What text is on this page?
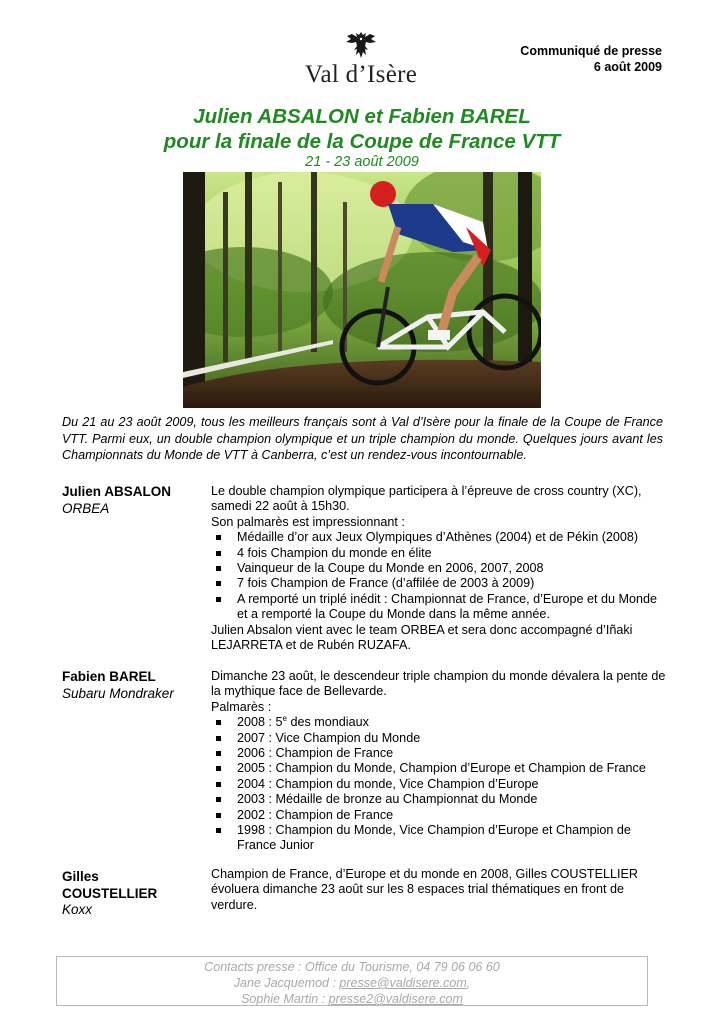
Val d’Isère
Communiqué de presse
6 août 2009
Julien ABSALON et Fabien BAREL
pour la finale de la Coupe de France VTT
21 - 23 août 2009
Du 21 au 23 août 2009, tous les meilleurs français sont à Val d’Isère pour la finale de la Coupe de France VTT. Parmi eux, un double champion olympique et un triple champion du monde. Quelques jours avant les Championnats du Monde de VTT à Canberra, c’est un rendez-vous incontournable.
Julien ABSALON
ORBEA
Le double champion olympique participera à l’épreuve de cross country (XC), samedi 22 août à 15h30.
Son palmarès est impressionnant :
Médaille d’or aux Jeux Olympiques d’Athènes (2004) et de Pékin (2008)
4 fois Champion du monde en élite
Vainqueur de la Coupe du Monde en 2006, 2007, 2008
7 fois Champion de France (d’affilée de 2003 à 2009)
A remporté un triplé inédit : Championnat de France, d’Europe et du Monde et a remporté la Coupe du Monde dans la même année.
Julien Absalon vient avec le team ORBEA et sera donc accompagné d’Iñaki LEJARRETA et de Rubén RUZAFA.
Fabien BAREL
Subaru Mondraker
Dimanche 23 août, le descendeur triple champion du monde dévalera la pente de la mythique face de Bellevarde.
Palmarès :
2008 : 5e des mondiaux
2007 : Vice Champion du Monde
2006 : Champion de France
2005 : Champion du Monde, Champion d’Europe et Champion de France
2004 : Champion du monde, Vice Champion d’Europe
2003 : Médaille de bronze au Championnat du Monde
2002 : Champion de France
1998 : Champion du Monde, Vice Champion d’Europe et Champion de France Junior
Gilles
COUSTELLIER
Koxx
Champion de France, d’Europe et du monde en 2008, Gilles COUSTELLIER évoluera dimanche 23 août sur les 8 espaces trial thématiques en front de verdure.
Contacts presse : Office du Tourisme, 04 79 06 06 60
Jane Jacquemod : presse@valdisere.com,
Sophie Martin : presse2@valdisere.com
